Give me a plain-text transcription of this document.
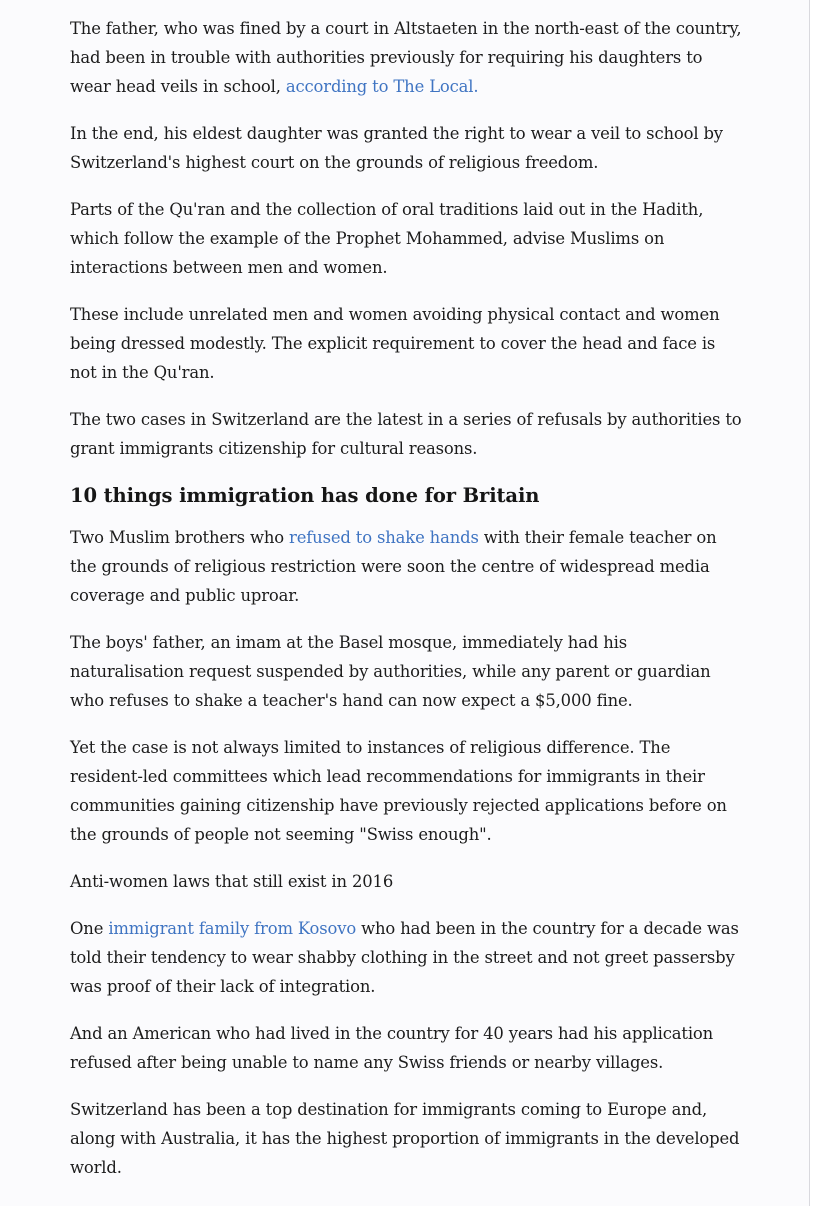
The father, who was fined by a court in Altstaeten in the north-east of the country, had been in trouble with authorities previously for requiring his daughters to wear head veils in school, according to The Local.

In the end, his eldest daughter was granted the right to wear a veil to school by Switzerland's highest court on the grounds of religious freedom.

Parts of the Qu'ran and the collection of oral traditions laid out in the Hadith, which follow the example of the Prophet Mohammed, advise Muslims on interactions between men and women.

These include unrelated men and women avoiding physical contact and women being dressed modestly. The explicit requirement to cover the head and face is not in the Qu'ran.

The two cases in Switzerland are the latest in a series of refusals by authorities to grant immigrants citizenship for cultural reasons.

10 things immigration has done for Britain

Two Muslim brothers who refused to shake hands with their female teacher on the grounds of religious restriction were soon the centre of widespread media coverage and public uproar.

The boys' father, an imam at the Basel mosque, immediately had his naturalisation request suspended by authorities, while any parent or guardian who refuses to shake a teacher's hand can now expect a $5,000 fine.

Yet the case is not always limited to instances of religious difference. The resident-led committees which lead recommendations for immigrants in their communities gaining citizenship have previously rejected applications before on the grounds of people not seeming "Swiss enough".

Anti-women laws that still exist in 2016

One immigrant family from Kosovo who had been in the country for a decade was told their tendency to wear shabby clothing in the street and not greet passersby was proof of their lack of integration.

And an American who had lived in the country for 40 years had his application refused after being unable to name any Swiss friends or nearby villages.

Switzerland has been a top destination for immigrants coming to Europe and, along with Australia, it has the highest proportion of immigrants in the developed world.
